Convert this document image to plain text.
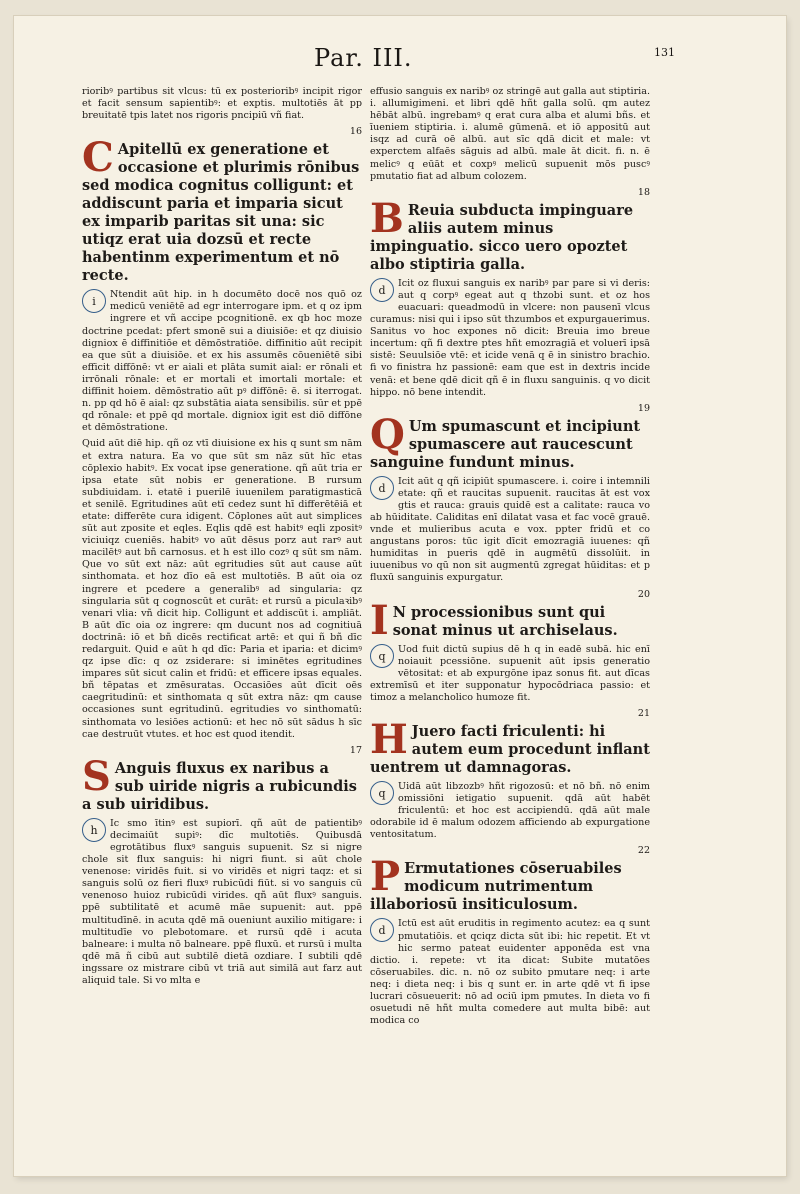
Par. III.	131

rioribꝰ partibus sit vlcus: tū ex posterioribꝰ incipit rigor et facit sensum sapientibꝰ: et exptis. multotiēs āt pp breuitatē tpis latet nos rigoris pncipiū vñ fiat.

16
C Apitellū ex generatione et occasione et plurimis rōnibus sed modica cognitus colligunt: et addiscunt paria et imparia sicut ex imparib paritas sit una: sic utiqz erat uia dozsū et recte habentinm experimentum et nō recte.
i

Ntendit aūt hip. in h documēto docē nos quō oz medicū veniētē ad egr interrogare ipm. et q oz ipm ingrere et vñ accipe pcognitionē. ex qb hoc moze doctrine pcedat: pfert smonē sui a diuisiōe: et qz diuisio digniox ē diffinitiōe et dēmōstratiōe. diffinitio aūt recipit ea que sūt a diuisiōe. et ex his assumēs cōueniētē sibi efficit diffōnē: vt er aiali et plāta sumit aial: er rōnali et irrōnali rōnale: et er mortali et imortali mortale: et diffinit hoiem. dēmōstratio aūt pꝰ diffōnē: ē. si iterrogat. n. pp qd hō ē aial: qz substātia aiata sensibilis. sūr et ppē qd rōnale: et ppē qd mortale. digniox igit est diō diffōne et dēmōstratione.

Quid aūt diē hip. qñ oz vtī diuisione ex his q sunt sm nām et extra natura. Ea vo que sūt sm nāz sūt hīc etas cōplexio habitꝰ. Ex vocat ipse generatione. qñ aūt tria er ipsa etate sūt nobis er generatione. B rursum subdiuidam. i. etatē i puerilē iuuenilem paratigmasticā et senilē. Egritudines aūt etī cedez sunt hī differētēiā et etate: differēte cura idigent. Cōplones aūt aut simplices sūt aut zposite et eqles. Eqlis qdē est habitꝰ eqli zpositꝰ viciuiqz cueniēs. habitꝰ vo aūt dēsus porz aut rarꝰ aut macilētꝰ aut bñ carnosus. et h est illo cozꝰ q sūt sm nām. Que vo sūt ext nāz: aūt egritudies sūt aut cause aūt sinthomata. et hoz dīo eā est multotiēs. B aūt oia oz ingrere et pcedere a generalibꝰ ad singularia: qz singularia sūt q cognoscūt et curāt: et rursū a piculaꝛibꝰ venari vlia: vñ dicit hip. Colligunt et addiscūt i. ampliāt. B aūt dīc oia oz ingrere: qm ducunt nos ad cognitiuā doctrinā: iō et bñ dicēs rectificat artē: et qui ñ bñ dīc redarguit. Quid e aūt h qd dīc: Paria et iparia: et dicimꝰ qz ipse dīc: q oz zsiderare: si iminētes egritudines impares sūt sicut calin et fridū: et efficere ipsas equales. bñ tēpatas et zmēsuratas. Occasiōes aūt dīcit oēs caegritudinū: et sinthomata q sūt extra nāz: qm cause occasiones sunt egritudinū. egritudies vo sinthomatū: sinthomata vo lesiōes actionū: et hec nō sūt sādus h sīc cae destruūt vtutes. et hoc est quod itendit.

17
S Anguis fluxus ex naribus a sub uiride nigris a rubicundis a sub uiridibus.
h

Ic smo ītinꝰ est supiorī. qñ aūt de patientibꝰ decimaiūt supiꝰ: dīc multotiēs. Quibusdā egrotātibus fluxꝰ sanguis supuenit. Sz si nigre chole sit flux sanguis: hi nigri fiunt. si aūt chole venenose: viridēs fuit. si vo viridēs et nigri taqz: et si sanguis solū oz fieri fluxꝰ rubicūdi fiūt. si vo sanguis cū venenoso huioz rubicūdi virides. qñ aūt fluxꝰ sanguis. ppē subtilitatē et acumē māe supuenit: aut. ppē multitudīnē. in acuta qdē mā oueniunt auxilio mitigare: i multitudīe vo plebotomare. et rursū qdē i acuta balneare: i multa nō balneare. ppē fluxū. et rursū i multa qdē mā ñ cibū aut subtilē dietā ozdiare. I subtili qdē ingssare oz mistrare cibū vt triā aut similā aut farz aut aliquid tale. Si vo mlta e

effusio sanguis ex naribꝰ oz stringē aut galla aut stiptiria. i. allumigimeni. et libri qdē hñt galla solū. qm autez hēbāt albū. ingrebamꝰ q erat cura alba et alumi bñs. et īueniem stiptiria. i. alumē gūmenā. et iō appositū aut isqz ad curā oē albū. aut sīc qdā dicit et male: vt experctem alfaēs sāguis ad albū. male āt dicit. fi. n. ē melicꝰ q eūāt et coxpꝰ melicū supuenit mōs puscꝰ pmutatio fiat ad album colozem.

18
B Reuia subducta impinguare aliis autem minus impinguatio. sicco uero opoztet albo stiptiria galla.
d

Icit oz fluxui sanguis ex naribꝰ par pare si vi deris: aut q corpꝰ egeat aut q thzobi sunt. et oz hos euacuari: queadmodū in vlcere: non pausenī vlcus curamus: nisi qui i ipso sūt thzumbos et expurgauerimus. Sanitus vo hoc expones nō dicit: Breuia imo breue incertum: qñ fi dextre ptes hñt emozragiā et voluerī ipsā sistē: Seuulsiōe vtē: et icide venā q ē in sinistro brachio. fi vo finistra hz passionē: eam que est in dextris incide venā: et bene qdē dicit qñ ē in fluxu sanguinis. q vo dicit hippo. nō bene intendit.

19
Q Um spumascunt et incipiunt spumascere aut raucescunt sanguine fundunt minus.
d

Icit aūt q qñ icipiūt spumascere. i. coire i intemnili etate: qñ et raucitas supuenit. raucitas āt est vox gtis et rauca: grauis quidē est a calitate: rauca vo ab hūiditate. Caliditas enī dilatat vasa et fac vocē grauē. vnde et mulieribus acuta e vox. ppter fridū et co angustans poros: tūc igit dīcit emozragiā iuuenes: qñ humiditas in pueris qdē in augmētū dissolūit. in iuuenibus vo qū non sit augmentū zgregat hūiditas: et p fluxū sanguinis expurgatur.

20
I N processionibus sunt qui sonat minus ut archiselaus.
q

Uod fuit dictū supius dē h q in eadē subā. hic enī noiauit pcessiōne. supuenit aūt ipsis generatio vētositat: et ab expurgōne ipaz sonus fit. aut dīcas extremīsū et iter supponatur hypocōdriaca passio: et timoz a melancholico humoze fit.

21
H Juero facti friculenti: hi autem eum procedunt inflant uentrem ut damnagoras.
q

Uidā aūt libzozbꝰ hñt rigozosū: et nō bñ. nō enim omissiōni ietigatio supuenit. qdā aūt habēt friculentū: et hoc est accipiendū. qdā aūt male odorabile id ē malum odozem afficiendo ab expurgatione ventositatum.

22
P Ermutationes cōseruabiles modicum nutrimentum illaboriosū insiticulosum.
d

Ictū est aūt eruditis in regimento acutez: ea q sunt pmutatiōis. et qciqz dicta sūt ibi: hic repetit. Et vt hic sermo pateat euidenter apponēda est vna dictio. i. repete: vt ita dicat: Subite mutatōes cōseruabiles. dic. n. nō oz subito pmutare neq: i arte neq: i dieta neq: i bis q sunt er. in arte qdē vt fi ipse lucrari cōsueuerit: nō ad ociū ipm pmutes. In dieta vo fi osuetudi nē hñt multa comedere aut multa bibē: aut modica co
